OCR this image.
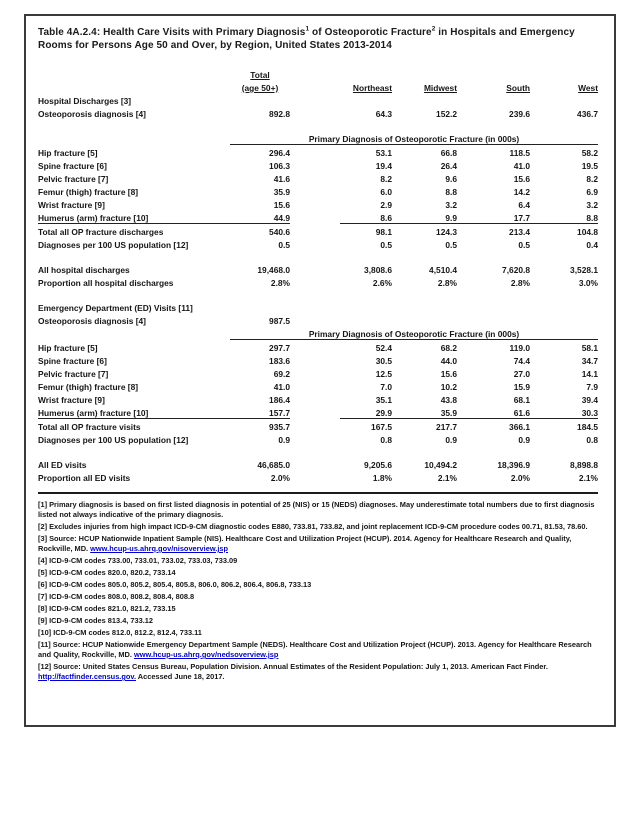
Table 4A.2.4: Health Care Visits with Primary Diagnosis$^1$ of Osteoporotic Fracture$^2$ in Hospitals and Emergency Rooms for Persons Age 50 and Over, by Region, United States 2013-2014

	Total					
	(age 50+)		Northeast	Midwest	South	West
Hospital Discharges [3]						
Osteoporosis diagnosis [4]	892.8		64.3	152.2	239.6	436.7

	Primary Diagnosis of Osteoporotic Fracture (in 000s)					
Hip fracture [5]	296.4		53.1	66.8	118.5	58.2
Spine fracture [6]	106.3		19.4	26.4	41.0	19.5
Pelvic fracture [7]	41.6		8.2	9.6	15.6	8.2
Femur (thigh) fracture [8]	35.9		6.0	8.8	14.2	6.9
Wrist fracture [9]	15.6		2.9	3.2	6.4	3.2
Humerus (arm) fracture [10]	44.9		8.6	9.9	17.7	8.8
Total all OP fracture discharges	540.6		98.1	124.3	213.4	104.8
Diagnoses per 100 US population [12]	0.5		0.5	0.5	0.5	0.4

All hospital discharges	19,468.0		3,808.6	4,510.4	7,620.8	3,528.1
Proportion all hospital discharges	2.8%		2.6%	2.8%	2.8%	3.0%

Emergency Department (ED) Visits [11]						
Osteoporosis diagnosis [4]	987.5					
	Primary Diagnosis of Osteoporotic Fracture (in 000s)					
Hip fracture [5]	297.7		52.4	68.2	119.0	58.1
Spine fracture [6]	183.6		30.5	44.0	74.4	34.7
Pelvic fracture [7]	69.2		12.5	15.6	27.0	14.1
Femur (thigh) fracture [8]	41.0		7.0	10.2	15.9	7.9
Wrist fracture [9]	186.4		35.1	43.8	68.1	39.4
Humerus (arm) fracture [10]	157.7		29.9	35.9	61.6	30.3
Total all OP fracture visits	935.7		167.5	217.7	366.1	184.5
Diagnoses per 100 US population [12]	0.9		0.8	0.9	0.9	0.8

All ED visits	46,685.0		9,205.6	10,494.2	18,396.9	8,898.8
Proportion all ED visits	2.0%		1.8%	2.1%	2.0%	2.1%

[1] Primary diagnosis is based on first listed diagnosis in potential of 25 (NIS) or 15 (NEDS) diagnoses. May underestimate total numbers due to first diagnosis listed not always indicative of the primary diagnosis.

[2] Excludes injuries from high impact ICD-9-CM diagnostic codes E880, 733.81, 733.82, and joint replacement ICD-9-CM procedure codes 00.71, 81.53, 78.60.

[3] Source: HCUP Nationwide Inpatient Sample (NIS). Healthcare Cost and Utilization Project (HCUP). 2014. Agency for Healthcare Research and Quality, Rockville, MD. www.hcup-us.ahrq.gov/nisoverview.jsp

[4] ICD-9-CM codes 733.00, 733.01, 733.02, 733.03, 733.09

[5] ICD-9-CM codes 820.0, 820.2, 733.14

[6] ICD-9-CM codes 805.0, 805.2, 805.4, 805.8, 806.0, 806.2, 806.4, 806.8, 733.13

[7] ICD-9-CM codes 808.0, 808.2, 808.4, 808.8

[8] ICD-9-CM codes 821.0, 821.2, 733.15

[9] ICD-9-CM codes 813.4, 733.12

[10] ICD-9-CM codes 812.0, 812.2, 812.4, 733.11

[11] Source: HCUP Nationwide Emergency Department Sample (NEDS). Healthcare Cost and Utilization Project (HCUP). 2013. Agency for Healthcare Research and Quality, Rockville, MD. www.hcup-us.ahrq.gov/nedsoverview.jsp

[12] Source: United States Census Bureau, Population Division. Annual Estimates of the Resident Population: July 1, 2013. American Fact Finder. http://factfinder.census.gov. Accessed June 18, 2017.
